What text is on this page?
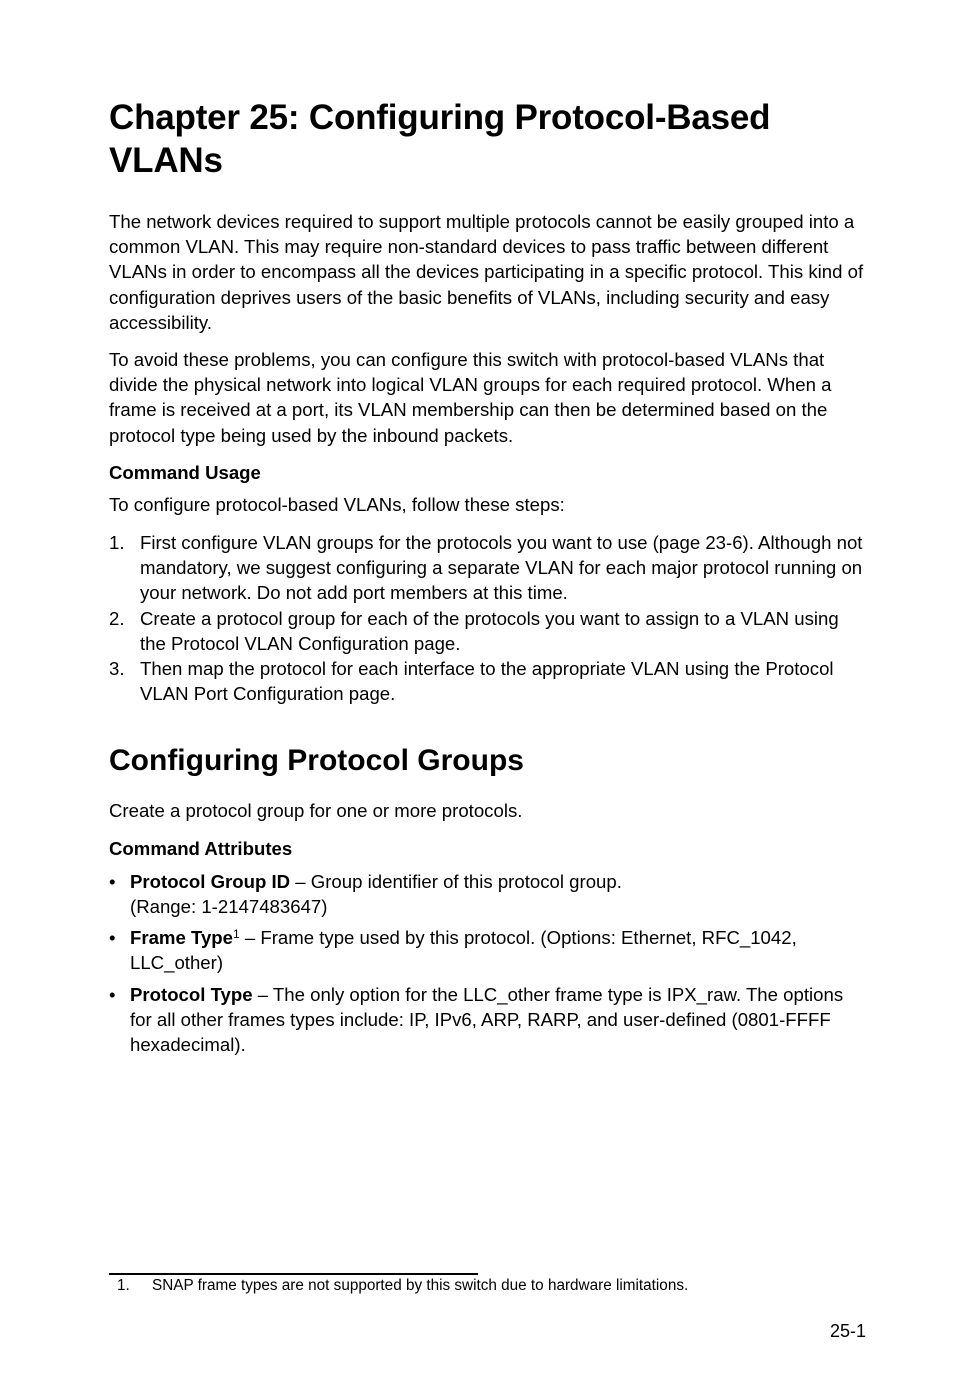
Chapter 25: Configuring Protocol-Based VLANs

The network devices required to support multiple protocols cannot be easily grouped into a common VLAN. This may require non-standard devices to pass traffic between different VLANs in order to encompass all the devices participating in a specific protocol. This kind of configuration deprives users of the basic benefits of VLANs, including security and easy accessibility.

To avoid these problems, you can configure this switch with protocol-based VLANs that divide the physical network into logical VLAN groups for each required protocol. When a frame is received at a port, its VLAN membership can then be determined based on the protocol type being used by the inbound packets.

Command Usage

To configure protocol-based VLANs, follow these steps:

1. First configure VLAN groups for the protocols you want to use (page 23-6). Although not mandatory, we suggest configuring a separate VLAN for each major protocol running on your network. Do not add port members at this time.
2. Create a protocol group for each of the protocols you want to assign to a VLAN using the Protocol VLAN Configuration page.
3. Then map the protocol for each interface to the appropriate VLAN using the Protocol VLAN Port Configuration page.
Configuring Protocol Groups

Create a protocol group for one or more protocols.

Command Attributes
• Protocol Group ID – Group identifier of this protocol group.
(Range: 1-2147483647)
• Frame Type$^1$ – Frame type used by this protocol. (Options: Ethernet, RFC_1042, LLC_other)
• Protocol Type – The only option for the LLC_other frame type is IPX_raw. The options for all other frames types include: IP, IPv6, ARP, RARP, and user-defined (0801-FFFF hexadecimal).
1. SNAP frame types are not supported by this switch due to hardware limitations.
25-1
